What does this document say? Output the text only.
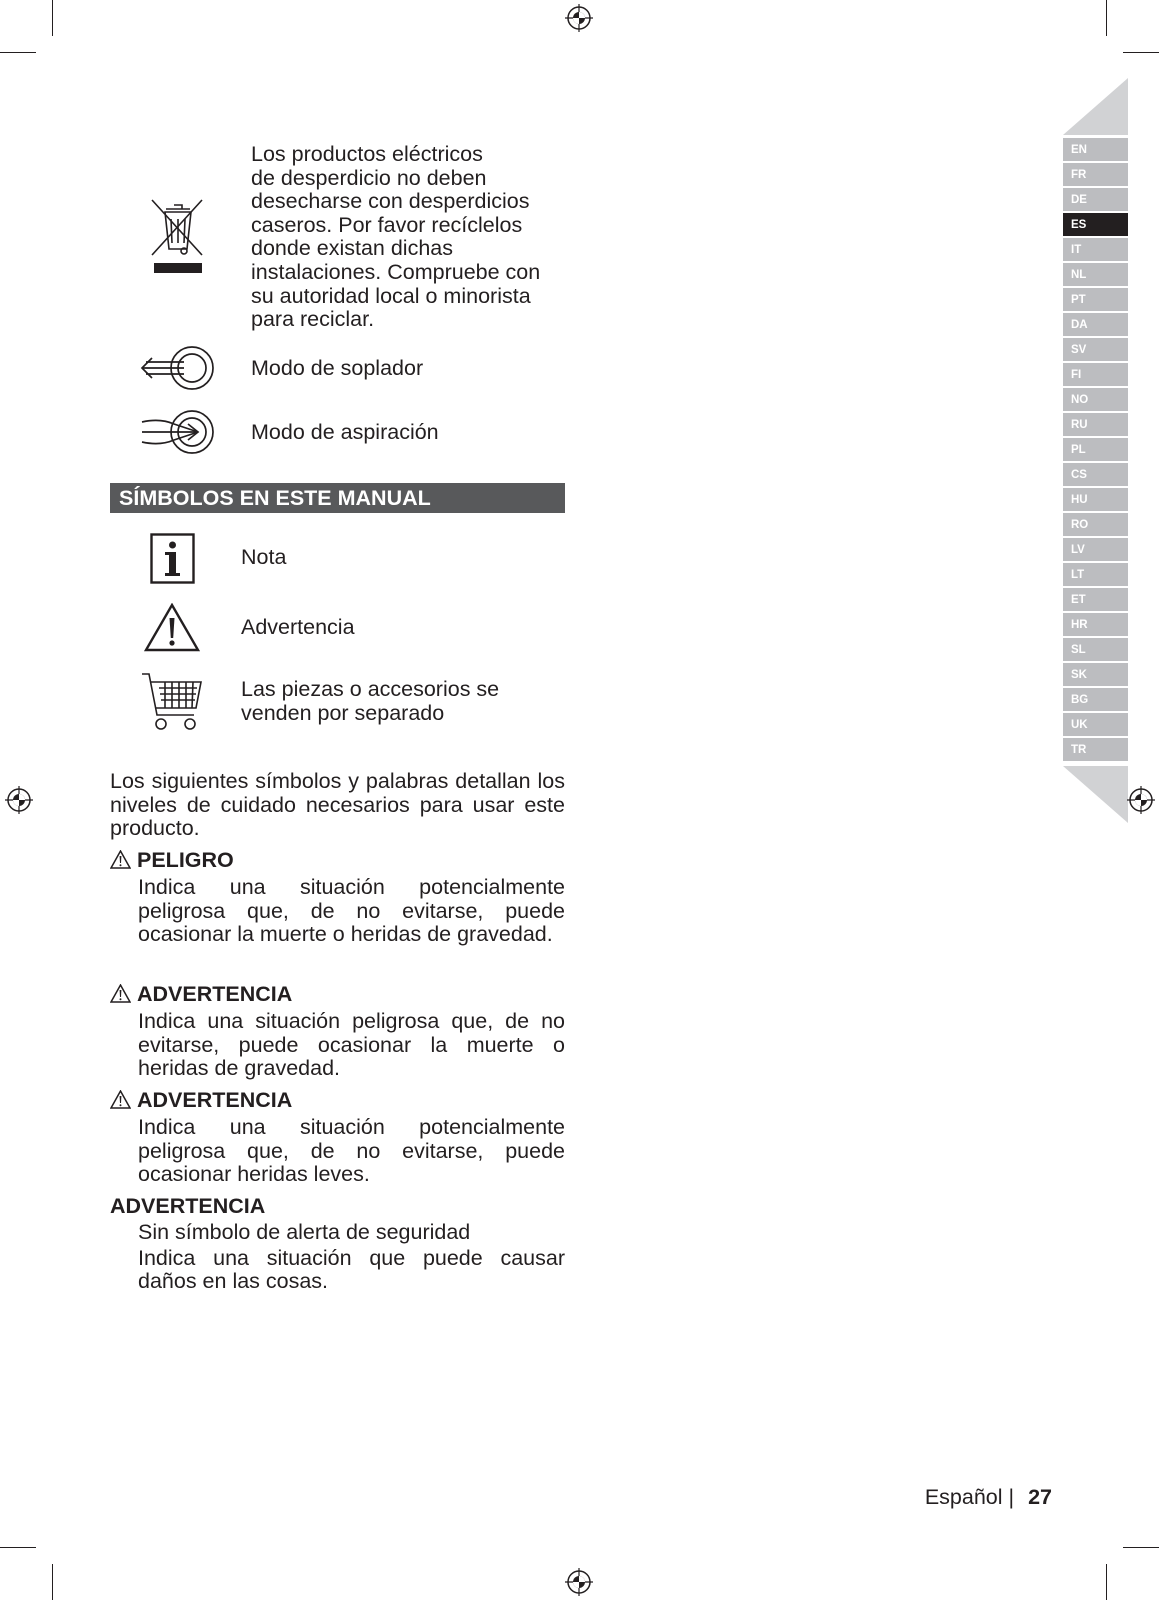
EN
FR
DE
ES
IT
NL
PT
DA
SV
FI
NO
RU
PL
CS
HU
RO
LV
LT
ET
HR
SL
SK
BG
UK
TR
Los productos eléctricos
de desperdicio no deben
desecharse con desperdicios
caseros. Por favor recíclelos
donde existan dichas
instalaciones. Compruebe con
su autoridad local o minorista
para reciclar.
Modo de soplador
Modo de aspiración
SÍMBOLOS EN ESTE MANUAL
Nota
Advertencia
Las piezas o accesorios se
venden por separado
Los siguientes símbolos y palabras detallan los niveles de cuidado necesarios para usar este producto.
PELIGRO
Indica una situación potencialmente peligrosa que, de no evitarse, puede ocasionar la muerte o heridas de gravedad.
ADVERTENCIA
Indica una situación peligrosa que, de no evitarse, puede ocasionar la muerte o heridas de gravedad.
ADVERTENCIA
Indica una situación potencialmente peligrosa que, de no evitarse, puede ocasionar heridas leves.
ADVERTENCIA
Sin símbolo de alerta de seguridad
Indica una situación que puede causar daños en las cosas.
Español | 27
